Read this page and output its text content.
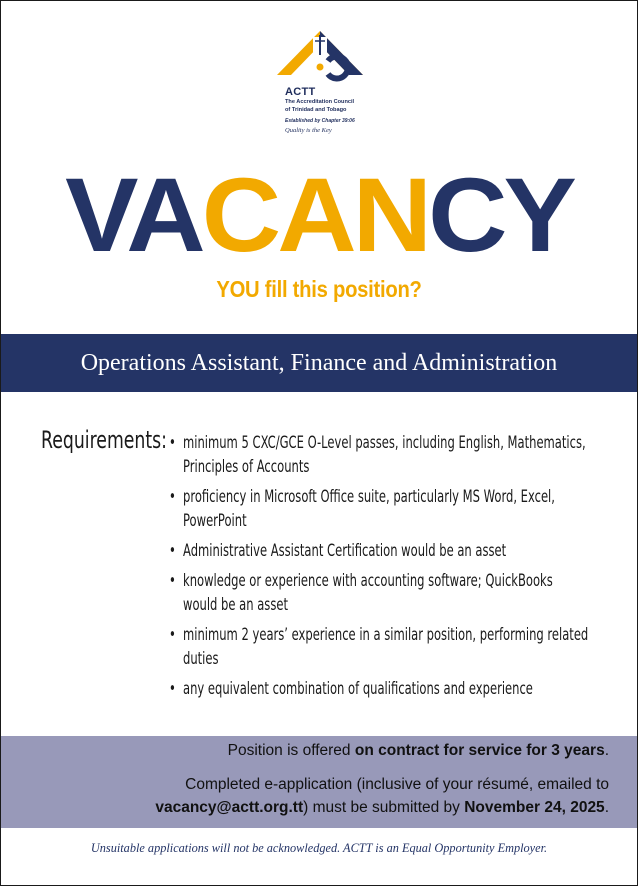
ACTT
The Accreditation Council
of Trinidad and Tobago
Established by Chapter 39:06
Quality is the Key
VACANCY
YOU fill this position?
Operations Assistant, Finance and Administration
Requirements: • minimum 5 CXC/GCE O-Level passes, including English, Mathematics,
Principles of Accounts
• proficiency in Microsoft Office suite, particularly MS Word, Excel,
PowerPoint
• Administrative Assistant Certification would be an asset
• knowledge or experience with accounting software; QuickBooks
would be an asset
• minimum 2 years’ experience in a similar position, performing related
duties
• any equivalent combination of qualifications and experience
Position is offered on contract for service for 3 years.
Completed e-application (inclusive of your résumé, emailed to
vacancy@actt.org.tt) must be submitted by November 24, 2025.
Unsuitable applications will not be acknowledged. ACTT is an Equal Opportunity Employer.
